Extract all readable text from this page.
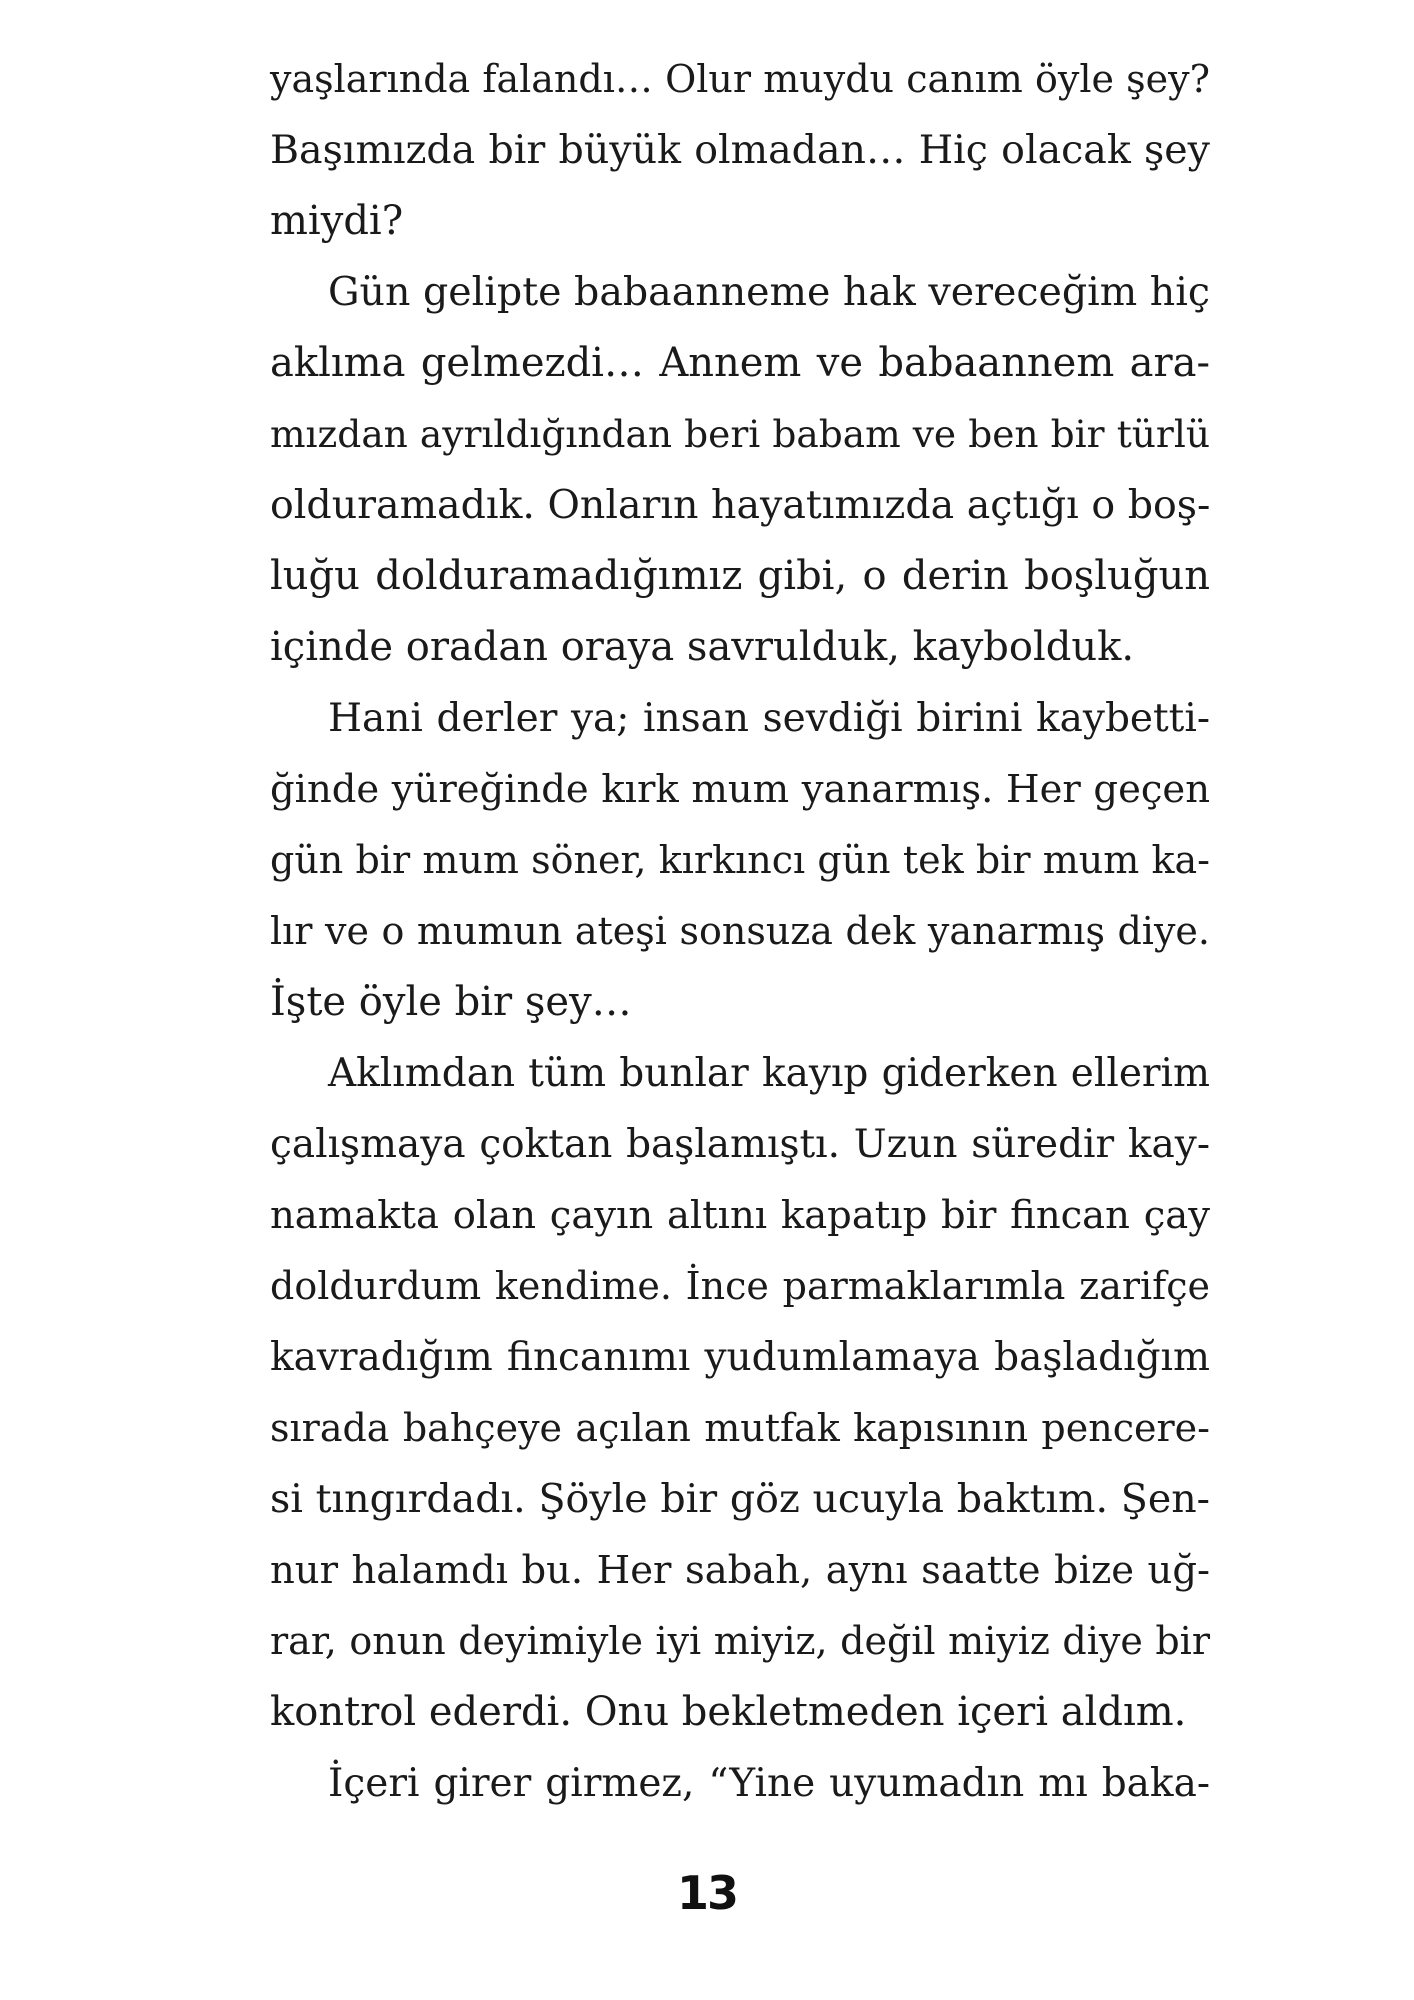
yaşlarında falandı… Olur muydu canım öyle şey?
Başımızda bir büyük olmadan… Hiç olacak şey
miydi?
Gün gelipte babaanneme hak vereceğim hiç
aklıma gelmezdi… Annem ve babaannem ara-
mızdan ayrıldığından beri babam ve ben bir türlü
olduramadık. Onların hayatımızda açtığı o boş-
luğu dolduramadığımız gibi, o derin boşluğun
içinde oradan oraya savrulduk, kaybolduk.
Hani derler ya; insan sevdiği birini kaybetti-
ğinde yüreğinde kırk mum yanarmış. Her geçen
gün bir mum söner, kırkıncı gün tek bir mum ka-
lır ve o mumun ateşi sonsuza dek yanarmış diye.
İşte öyle bir şey…
Aklımdan tüm bunlar kayıp giderken ellerim
çalışmaya çoktan başlamıştı. Uzun süredir kay-
namakta olan çayın altını kapatıp bir fincan çay
doldurdum kendime. İnce parmaklarımla zarifçe
kavradığım fincanımı yudumlamaya başladığım
sırada bahçeye açılan mutfak kapısının pencere-
si tıngırdadı. Şöyle bir göz ucuyla baktım. Şen-
nur halamdı bu. Her sabah, aynı saatte bize uğ-
rar, onun deyimiyle iyi miyiz, değil miyiz diye bir
kontrol ederdi. Onu bekletmeden içeri aldım.
İçeri girer girmez, “Yine uyumadın mı baka-
13
